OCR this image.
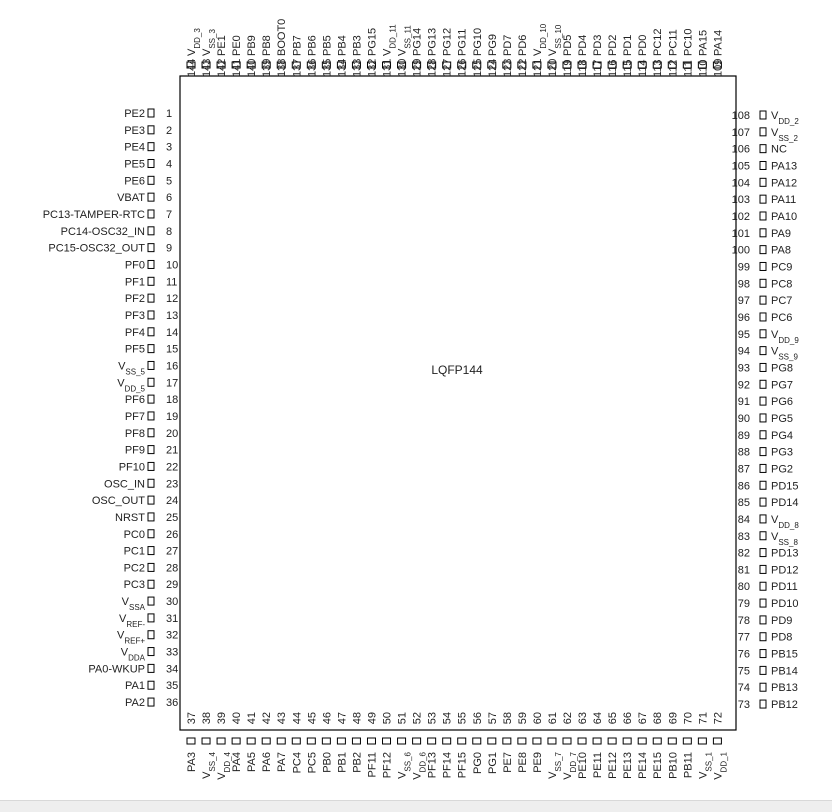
LQFP144
PE2 1
PE3 2
PE4 3
PE5 4
PE6 5
VBAT 6
PC13-TAMPER-RTC 7
PC14-OSC32_IN 8
PC15-OSC32_OUT 9
PF0 10
PF1 11
PF2 12
PF3 13
PF4 14
PF5 15
$V_{SS\_5}$ 16
$V_{DD\_5}$ 17
PF6 18
PF7 19
PF8 20
PF9 21
PF10 22
OSC_IN 23
OSC_OUT 24
NRST 25
PC0 26
PC1 27
PC2 28
PC3 29
$V_{SSA}$ 30
$V_{REF-}$ 31
$V_{REF+}$ 32
$V_{DDA}$ 33
PA0-WKUP 34
PA1 35
PA2 36
37
PA3
38
$V_{SS\_4}$
39
$V_{DD\_4}$
40
PA4
41
PA5
42
PA6
43
PA7
44
PC4
45
PC5
46
PB0
47
PB1
48
PB2
49
PF11
50
PF12
51
$V_{SS\_6}$
52
$V_{DD\_6}$
53
PF13
54
PF14
55
PF15
56
PG0
57
PG1
58
PE7
59
PE8
60
PE9
61
$V_{SS\_7}$
62
$V_{DD\_7}$
63
PE10
64
PE11
65
PE12
66
PE13
67
PE14
68
PE15
69
PB10
70
PB11
71
$V_{SS\_1}$
72
$V_{DD\_1}$
$V_{DD\_2}$
108
$V_{SS\_2}$
107
NC
106
PA13
105
PA12
104
PA11
103
PA10
102
PA9
101
PA8
100
PC9
99
PC8
98
PC7
97
PC6
96
$V_{DD\_9}$
95
$V_{SS\_9}$
94
PG8
93
PG7
92
PG6
91
PG5
90
PG4
89
PG3
88
PG2
87
PD15
86
PD14
85
$V_{DD\_8}$
84
$V_{SS\_8}$
83
PD13
82
PD12
81
PD11
80
PD10
79
PD9
78
PD8
77
PB15
76
PB14
75
PB13
74
PB12
73
$V_{DD\_3}$
144
$V_{SS\_3}$
143
PE1
142
PE0
141
PB9
140
PB8
139
BOOT0
138
PB7
137
PB6
136
PB5
135
PB4
134
PB3
133
PG15
132
$V_{DD\_11}$
131
$V_{SS\_11}$
130
PG14
129
PG13
128
PG12
127
PG11
126
PG10
125
PG9
124
PD7
123
PD6
122
$V_{DD\_10}$
121
$V_{SS\_10}$
120
PD5
119
PD4
118
PD3
117
PD2
116
PD1
115
PD0
114
PC12
113
PC11
112
PC10
111
PA15
110
PA14
109
